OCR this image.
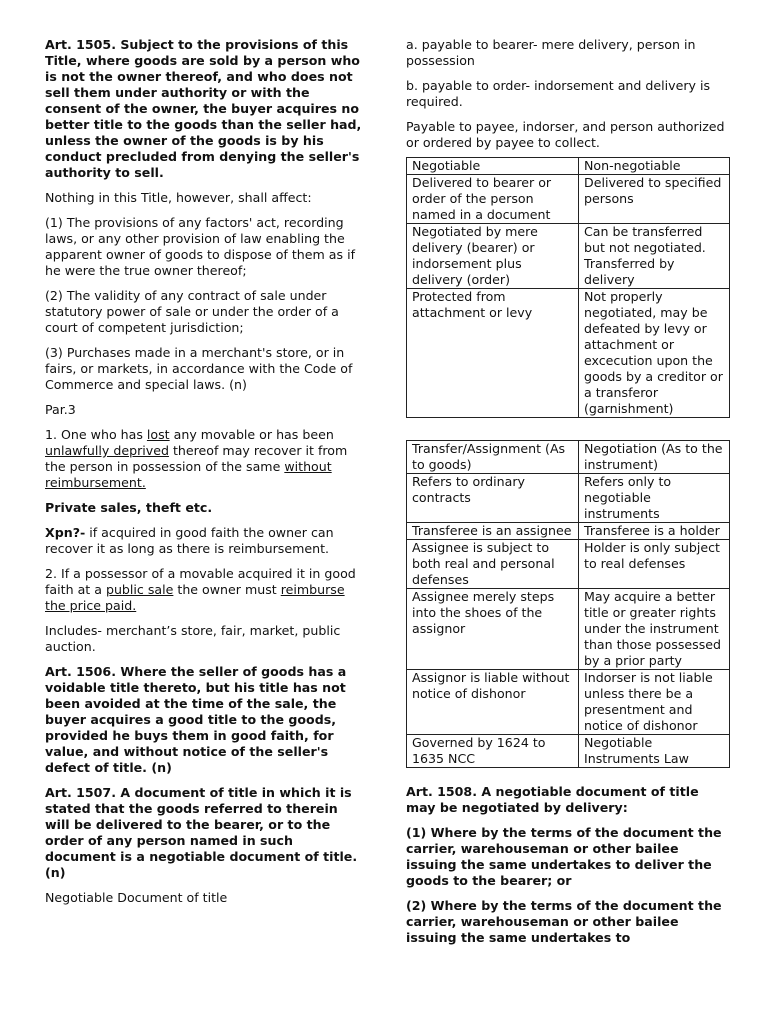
Art. 1505. Subject to the provisions of this Title, where goods are sold by a person who is not the owner thereof, and who does not sell them under authority or with the consent of the owner, the buyer acquires no better title to the goods than the seller had, unless the owner of the goods is by his conduct precluded from denying the seller's authority to sell.

Nothing in this Title, however, shall affect:

(1) The provisions of any factors' act, recording laws, or any other provision of law enabling the apparent owner of goods to dispose of them as if he were the true owner thereof;

(2) The validity of any contract of sale under statutory power of sale or under the order of a court of competent jurisdiction;

(3) Purchases made in a merchant's store, or in fairs, or markets, in accordance with the Code of Commerce and special laws. (n)

Par.3

1. One who has lost any movable or has been unlawfully deprived thereof may recover it from the person in possession of the same without reimbursement.

Private sales, theft etc.

Xpn?- if acquired in good faith the owner can recover it as long as there is reimbursement.

2. If a possessor of a movable acquired it in good faith at a public sale the owner must reimburse the price paid.

Includes- merchant’s store, fair, market, public auction.

Art. 1506. Where the seller of goods has a voidable title thereto, but his title has not been avoided at the time of the sale, the buyer acquires a good title to the goods, provided he buys them in good faith, for value, and without notice of the seller's defect of title. (n)

Art. 1507. A document of title in which it is stated that the goods referred to therein will be delivered to the bearer, or to the order of any person named in such document is a negotiable document of title. (n)

Negotiable Document of title

a. payable to bearer- mere delivery, person in possession

b. payable to order- indorsement and delivery is required.

Payable to payee, indorser, and person authorized or ordered by payee to collect.

Negotiable	Non-negotiable
Delivered to bearer or order of the person named in a document	Delivered to specified persons
Negotiated by mere delivery (bearer) or indorsement plus delivery (order)	Can be transferred but not negotiated. Transferred by delivery
Protected from attachment or levy	Not properly negotiated, may be defeated by levy or attachment or excecution upon the goods by a creditor or a transferor (garnishment)
Transfer/Assignment (As to goods)	Negotiation (As to the instrument)
Refers to ordinary contracts	Refers only to negotiable instruments
Transferee is an assignee	Transferee is a holder
Assignee is subject to both real and personal defenses	Holder is only subject to real defenses
Assignee merely steps into the shoes of the assignor	May acquire a better title or greater rights under the instrument than those possessed by a prior party
Assignor is liable without notice of dishonor	Indorser is not liable unless there be a presentment and notice of dishonor
Governed by 1624 to 1635 NCC	Negotiable Instruments Law

Art. 1508. A negotiable document of title may be negotiated by delivery:

(1) Where by the terms of the document the carrier, warehouseman or other bailee issuing the same undertakes to deliver the goods to the bearer; or

(2) Where by the terms of the document the carrier, warehouseman or other bailee issuing the same undertakes to
